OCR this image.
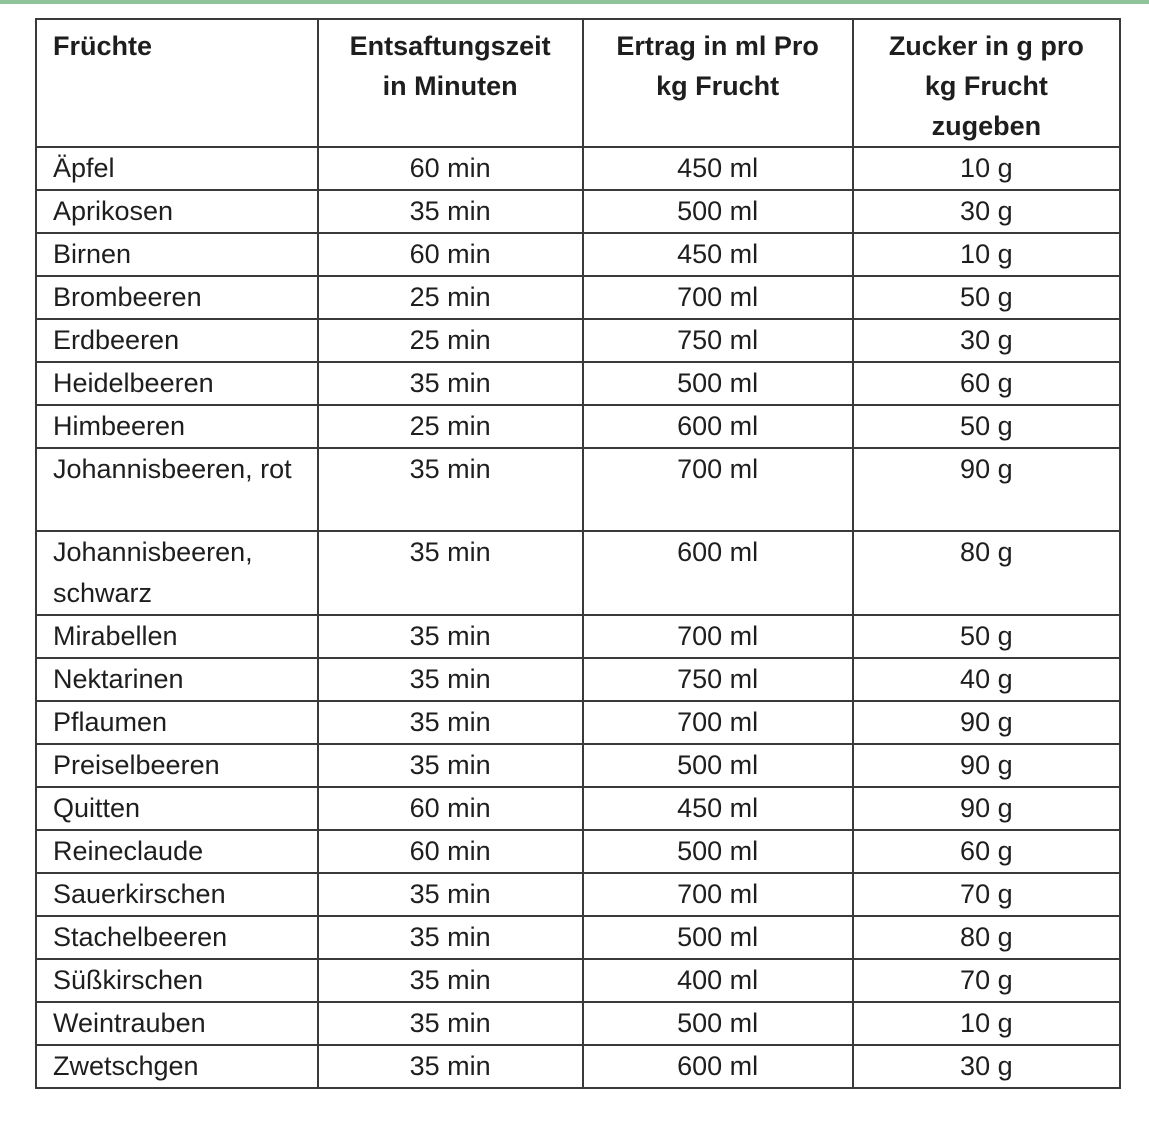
Früchte	Entsaftungszeit in Minuten	Ertrag in ml Pro kg Frucht	Zucker in g pro kg Frucht zugeben
Äpfel	60 min	450 ml	10 g
Aprikosen	35 min	500 ml	30 g
Birnen	60 min	450 ml	10 g
Brombeeren	25 min	700 ml	50 g
Erdbeeren	25 min	750 ml	30 g
Heidelbeeren	35 min	500 ml	60 g
Himbeeren	25 min	600 ml	50 g
Johannisbeeren, rot	35 min	700 ml	90 g
Johannisbeeren, schwarz	35 min	600 ml	80 g
Mirabellen	35 min	700 ml	50 g
Nektarinen	35 min	750 ml	40 g
Pflaumen	35 min	700 ml	90 g
Preiselbeeren	35 min	500 ml	90 g
Quitten	60 min	450 ml	90 g
Reineclaude	60 min	500 ml	60 g
Sauerkirschen	35 min	700 ml	70 g
Stachelbeeren	35 min	500 ml	80 g
Süßkirschen	35 min	400 ml	70 g
Weintrauben	35 min	500 ml	10 g
Zwetschgen	35 min	600 ml	30 g
